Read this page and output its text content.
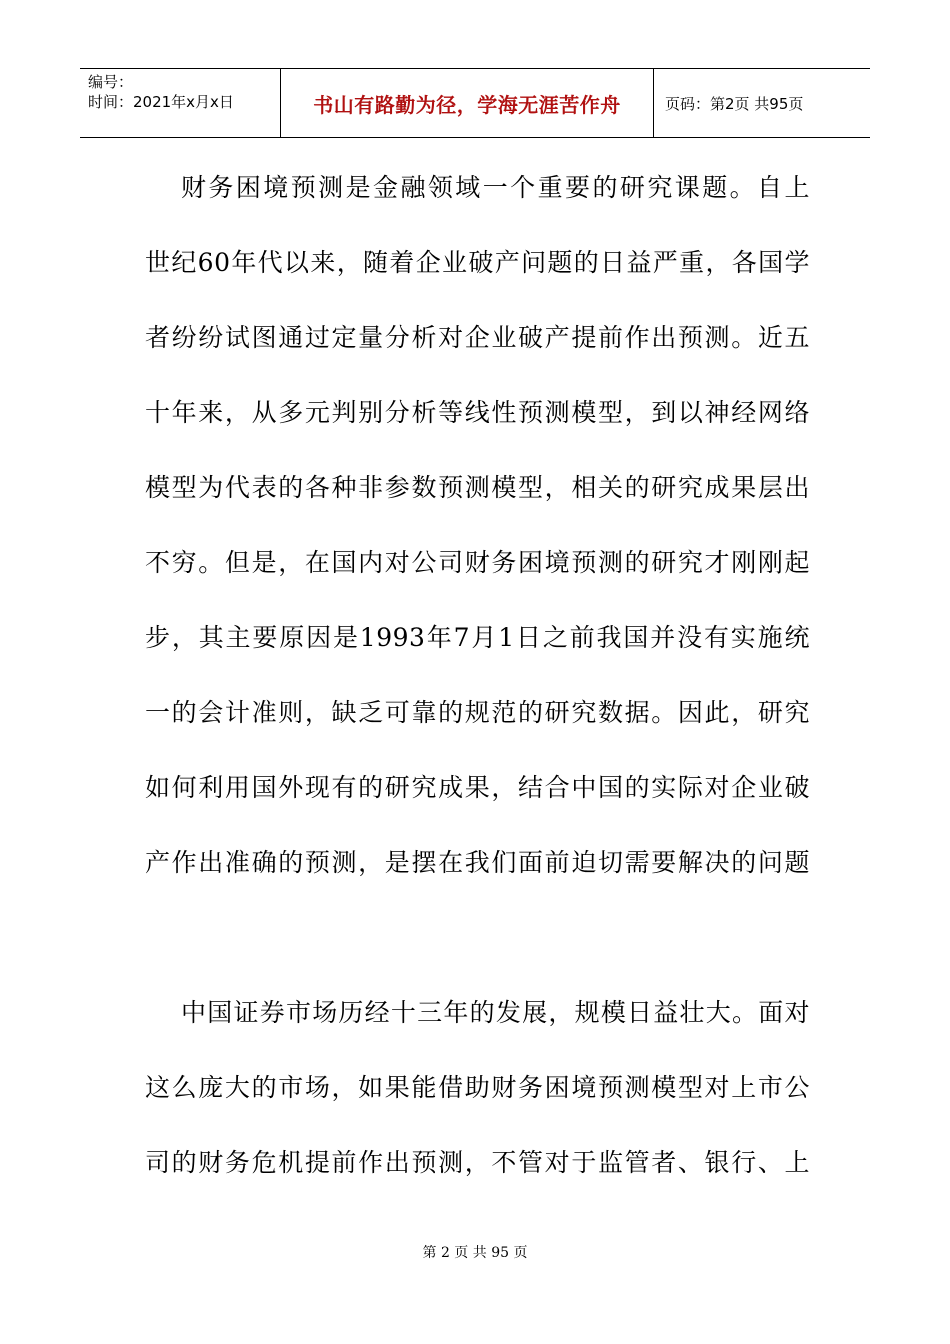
编号：
时间：2021年x月x日	书山有路勤为径，学海无涯苦作舟	页码：第2页 共95页
财务困境预测是金融领域一个重要的研究课题。自上
世纪60年代以来，随着企业破产问题的日益严重，各国学
者纷纷试图通过定量分析对企业破产提前作出预测。近五
十年来，从多元判别分析等线性预测模型，到以神经网络
模型为代表的各种非参数预测模型，相关的研究成果层出
不穷。但是，在国内对公司财务困境预测的研究才刚刚起
步，其主要原因是1993年7月1日之前我国并没有实施统
一的会计准则，缺乏可靠的规范的研究数据。因此，研究
如何利用国外现有的研究成果，结合中国的实际对企业破
产作出准确的预测，是摆在我们面前迫切需要解决的问题
中国证券市场历经十三年的发展，规模日益壮大。面对
这么庞大的市场，如果能借助财务困境预测模型对上市公
司的财务危机提前作出预测，不管对于监管者、银行、上
第 2 页 共 95 页
